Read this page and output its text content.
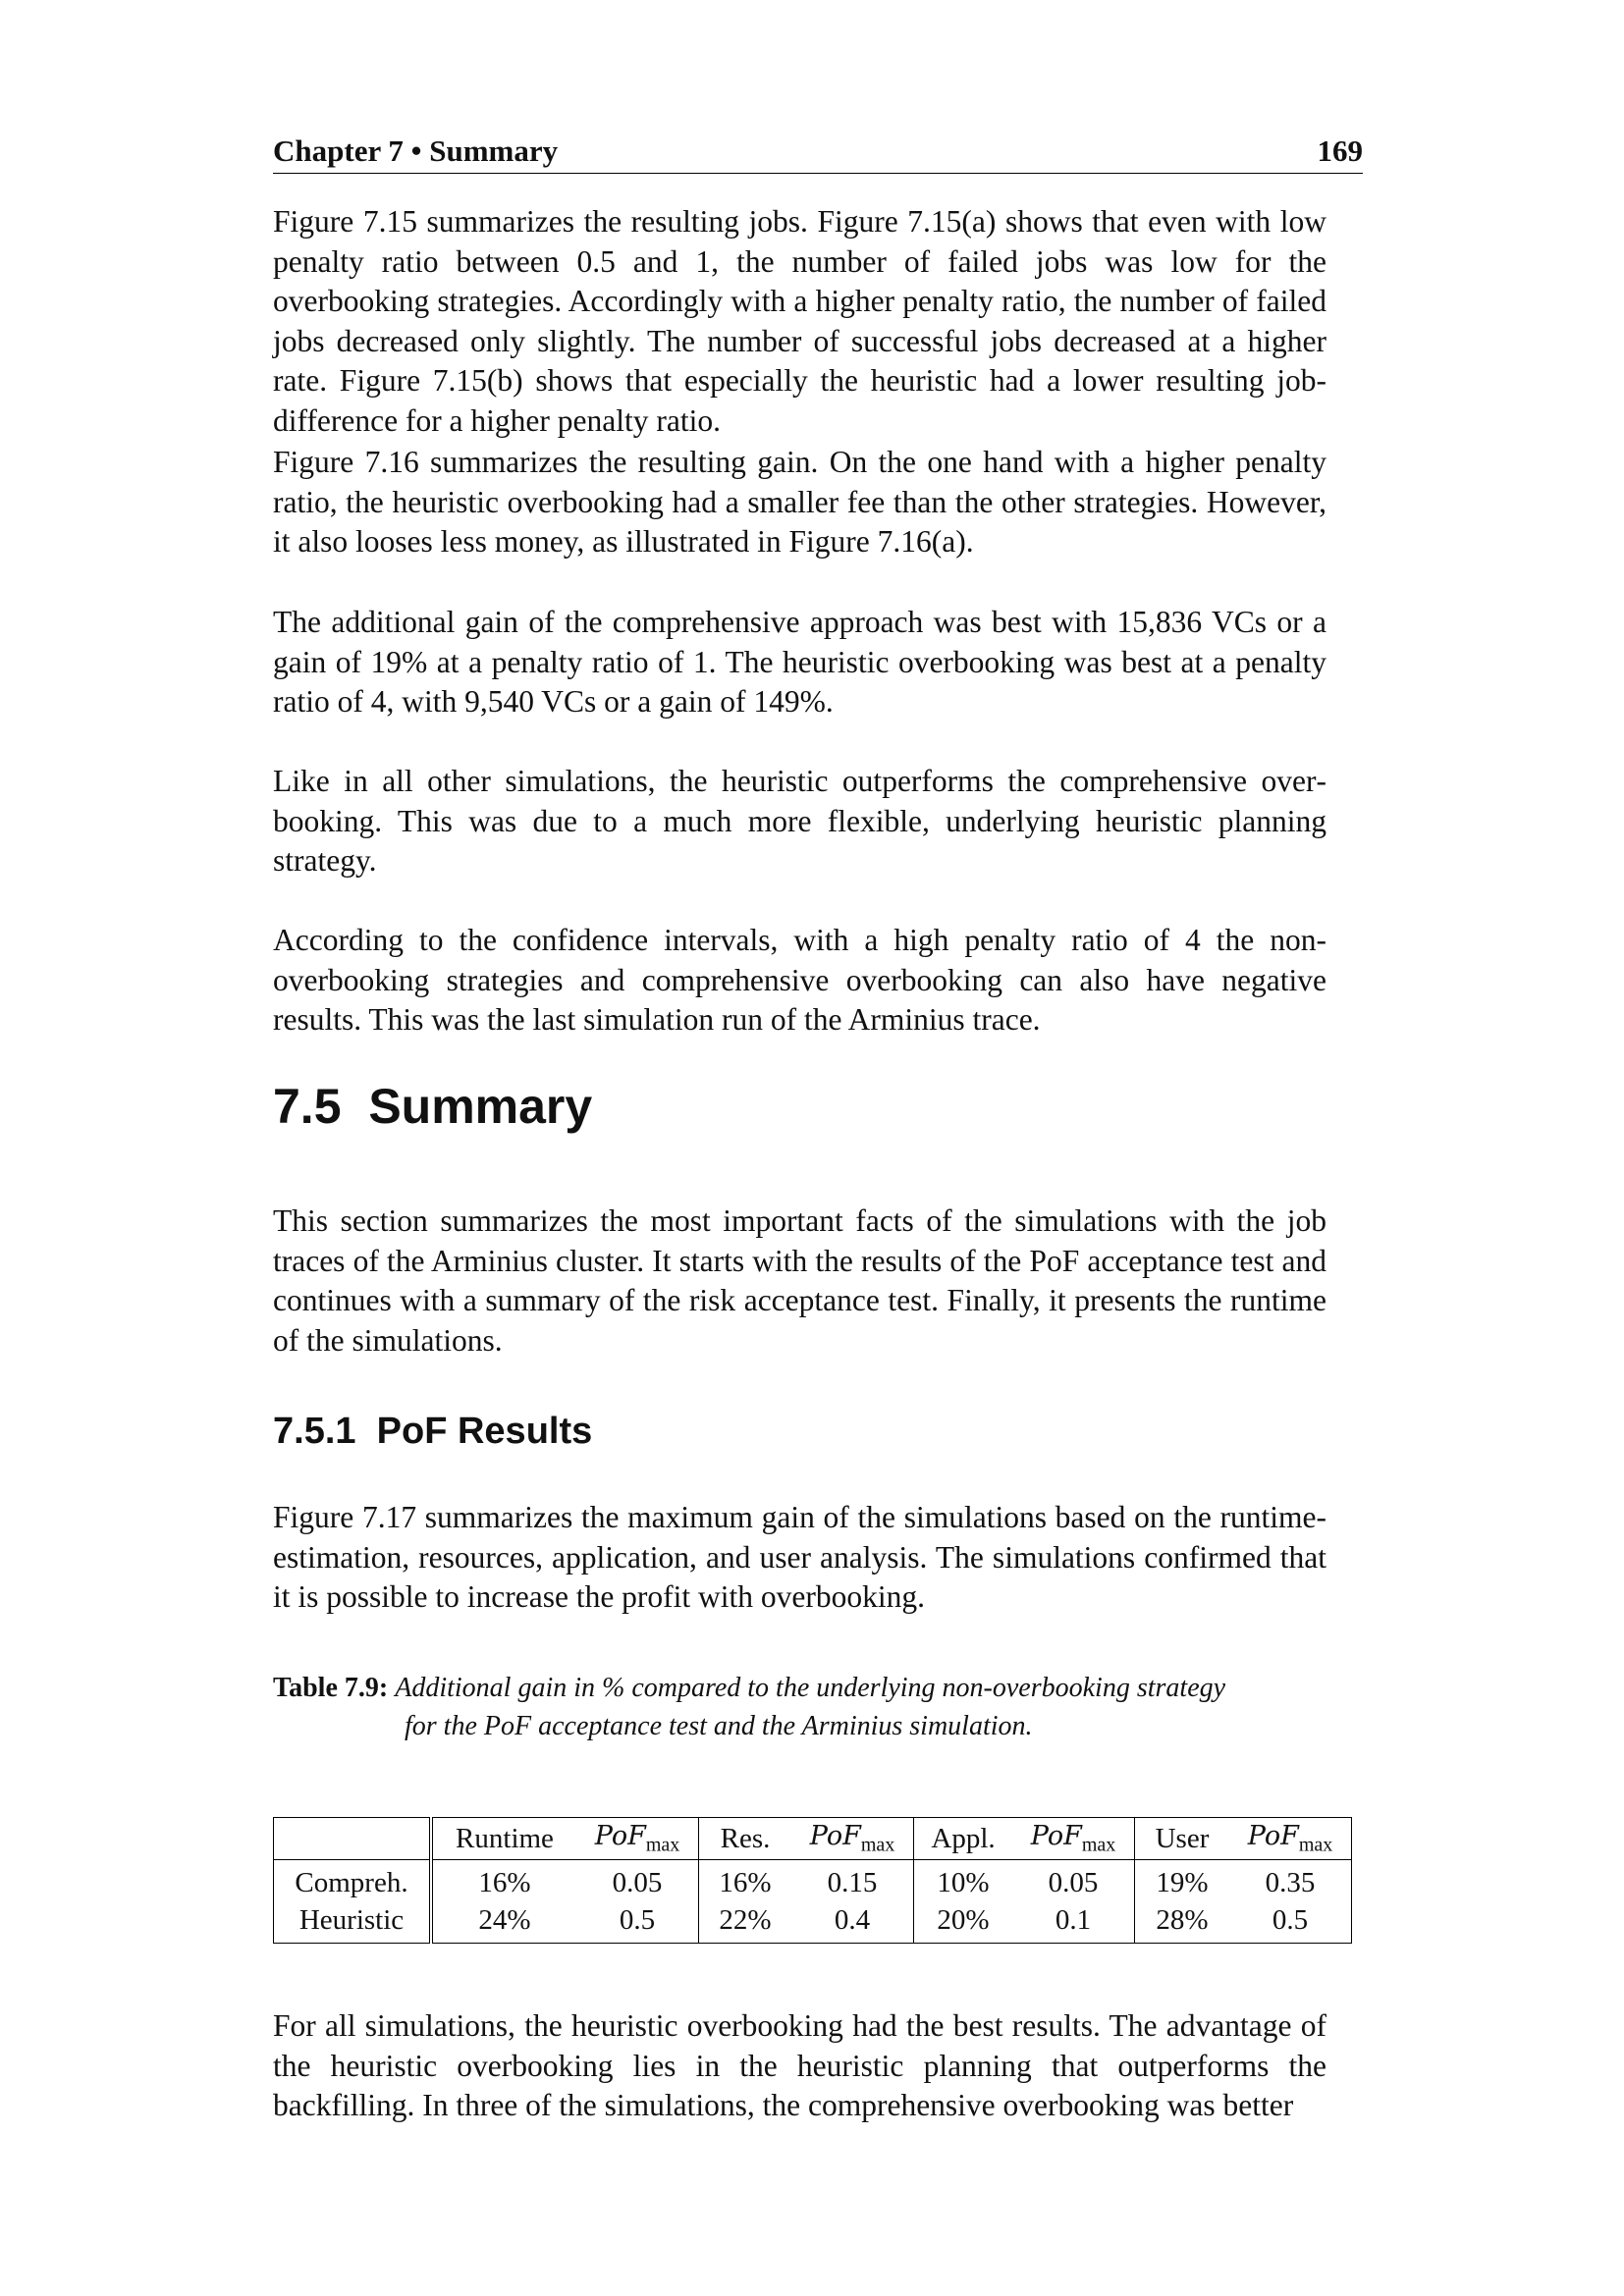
Chapter 7 • Summary	169

Figure 7.15 summarizes the resulting jobs. Figure 7.15(a) shows that even with low penalty ratio between 0.5 and 1, the number of failed jobs was low for the overbooking strategies. Accordingly with a higher penalty ratio, the number of failed jobs decreased only slightly. The number of successful jobs decreased at a higher rate. Figure 7.15(b) shows that especially the heuristic had a lower resulting job-difference for a higher penalty ratio.

Figure 7.16 summarizes the resulting gain. On the one hand with a higher penalty ratio, the heuristic overbooking had a smaller fee than the other strategies. However, it also looses less money, as illustrated in Figure 7.16(a).

The additional gain of the comprehensive approach was best with 15,836 VCs or a gain of 19% at a penalty ratio of 1. The heuristic overbooking was best at a penalty ratio of 4, with 9,540 VCs or a gain of 149%.

Like in all other simulations, the heuristic outperforms the comprehensive overbooking. This was due to a much more flexible, underlying heuristic planning strategy.

According to the confidence intervals, with a high penalty ratio of 4 the nonoverbooking strategies and comprehensive overbooking can also have negative results. This was the last simulation run of the Arminius trace.

7.5 Summary

This section summarizes the most important facts of the simulations with the job traces of the Arminius cluster. It starts with the results of the PoF acceptance test and continues with a summary of the risk acceptance test. Finally, it presents the runtime of the simulations.

7.5.1 PoF Results

Figure 7.17 summarizes the maximum gain of the simulations based on the runtime-estimation, resources, application, and user analysis. The simulations confirmed that it is possible to increase the profit with overbooking.

Table 7.9: Additional gain in % compared to the underlying non-overbooking strategy
for the PoF acceptance test and the Arminius simulation.
	Runtime	PoF$_{max}$	Res.	PoF$_{max}$	Appl.	PoF$_{max}$	User	PoF$_{max}$
Compreh.	16%	0.05	16%	0.15	10%	0.05	19%	0.35
Heuristic	24%	0.5	22%	0.4	20%	0.1	28%	0.5

For all simulations, the heuristic overbooking had the best results. The advantage of the heuristic overbooking lies in the heuristic planning that outperforms the backfilling. In three of the simulations, the comprehensive overbooking was better
